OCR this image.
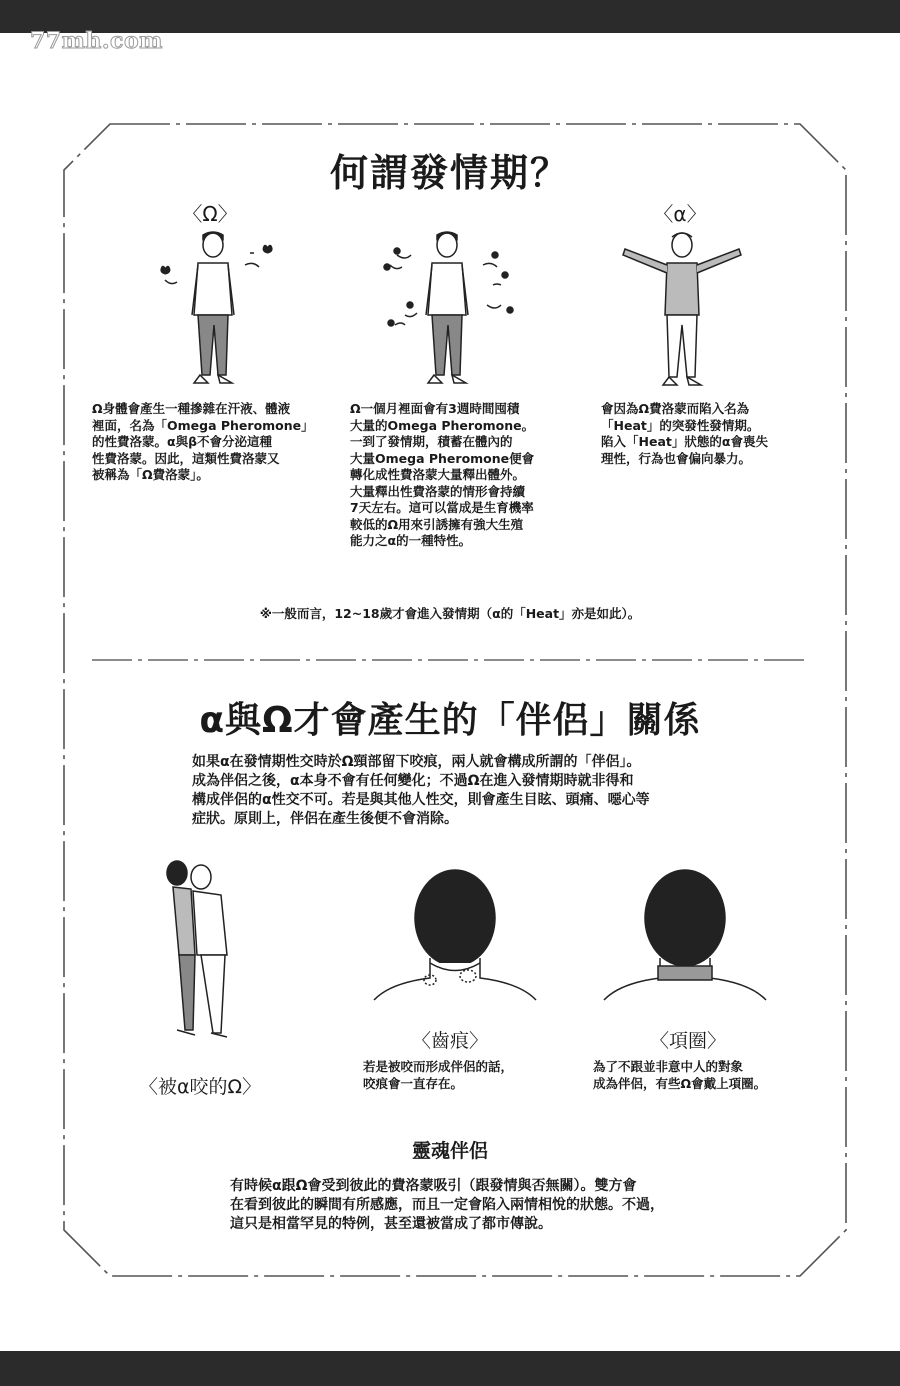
77mh.com
何謂發情期？
〈Ω〉	〈α〉
Ω身體會產生一種摻雜在汗液、體液
裡面，名為「Omega Pheromone」
的性費洛蒙。α與β不會分泌這種
性費洛蒙。因此，這類性費洛蒙又
被稱為「Ω費洛蒙」。
Ω一個月裡面會有3週時間囤積
大量的Omega Pheromone。
一到了發情期，積蓄在體內的
大量Omega Pheromone便會
轉化成性費洛蒙大量釋出體外。
大量釋出性費洛蒙的情形會持續
7天左右。這可以當成是生育機率
較低的Ω用來引誘擁有強大生殖
能力之α的一種特性。
會因為Ω費洛蒙而陷入名為
「Heat」的突發性發情期。
陷入「Heat」狀態的α會喪失
理性，行為也會偏向暴力。
※一般而言，12~18歲才會進入發情期（α的「Heat」亦是如此）。
α與Ω才會產生的「伴侶」關係
如果α在發情期性交時於Ω頸部留下咬痕，兩人就會構成所謂的「伴侶」。
成為伴侶之後，α本身不會有任何變化；不過Ω在進入發情期時就非得和
構成伴侶的α性交不可。若是與其他人性交，則會產生目眩、頭痛、噁心等
症狀。原則上，伴侶在產生後便不會消除。
〈被α咬的Ω〉
〈齒痕〉
若是被咬而形成伴侶的話，
咬痕會一直存在。
〈項圈〉
為了不跟並非意中人的對象
成為伴侶，有些Ω會戴上項圈。
靈魂伴侶
有時候α跟Ω會受到彼此的費洛蒙吸引（跟發情與否無關）。雙方會
在看到彼此的瞬間有所感應，而且一定會陷入兩情相悅的狀態。不過，
這只是相當罕見的特例，甚至還被當成了都市傳說。
